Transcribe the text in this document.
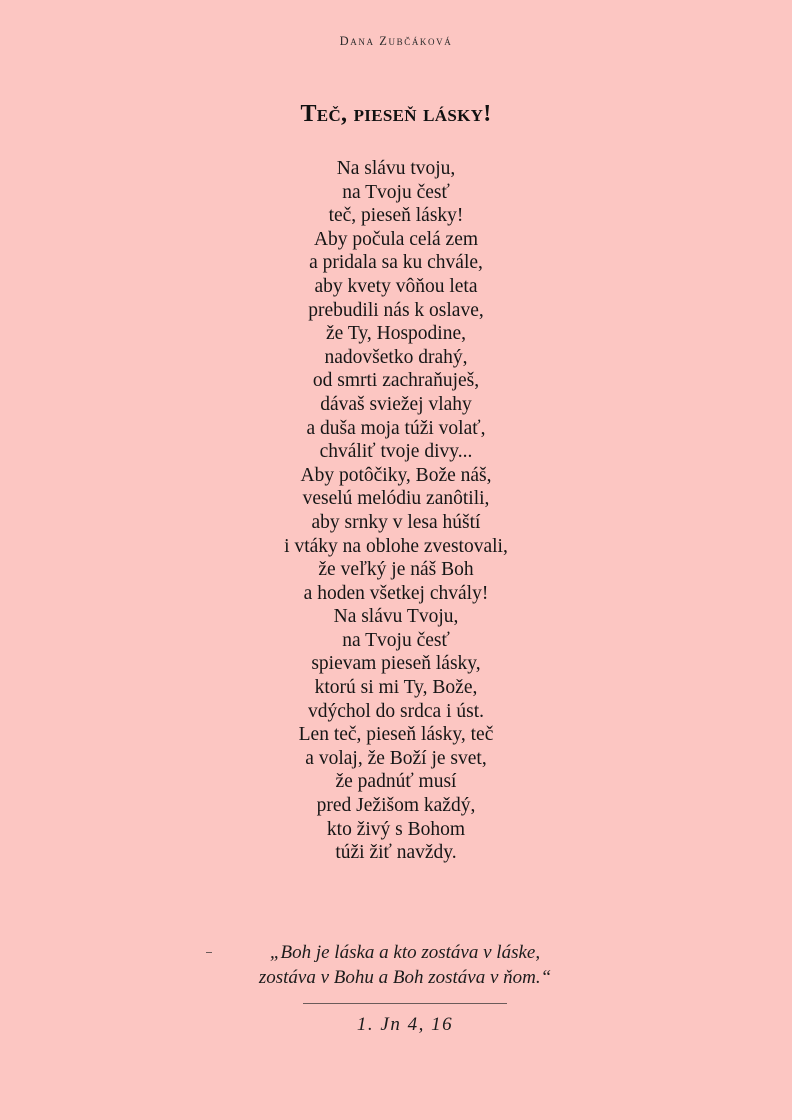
Dana Zubčáková
Teč, pieseň lásky!
Na slávu tvoju,
na Tvoju česť
teč, pieseň lásky!
Aby počula celá zem
a pridala sa ku chvále,
aby kvety vôňou leta
prebudili nás k oslave,
že Ty, Hospodine,
nadovšetko drahý,
od smrti zachraňuješ,
dávaš sviežej vlahy
a duša moja túži volať,
chváliť tvoje divy...
Aby potôčiky, Bože náš,
veselú melódiu zanôtili,
aby srnky v lesa húští
i vtáky na oblohe zvestovali,
že veľký je náš Boh
a hoden všetkej chvály!
Na slávu Tvoju,
na Tvoju česť
spievam pieseň lásky,
ktorú si mi Ty, Bože,
vdýchol do srdca i úst.
Len teč, pieseň lásky, teč
a volaj, že Boží je svet,
že padnúť musí
pred Ježišom každý,
kto živý s Bohom
túži žiť navždy.
„Boh je láska a kto zostáva v láske,
zostáva v Bohu a Boh zostáva v ňom.“
1. Jn 4, 16
